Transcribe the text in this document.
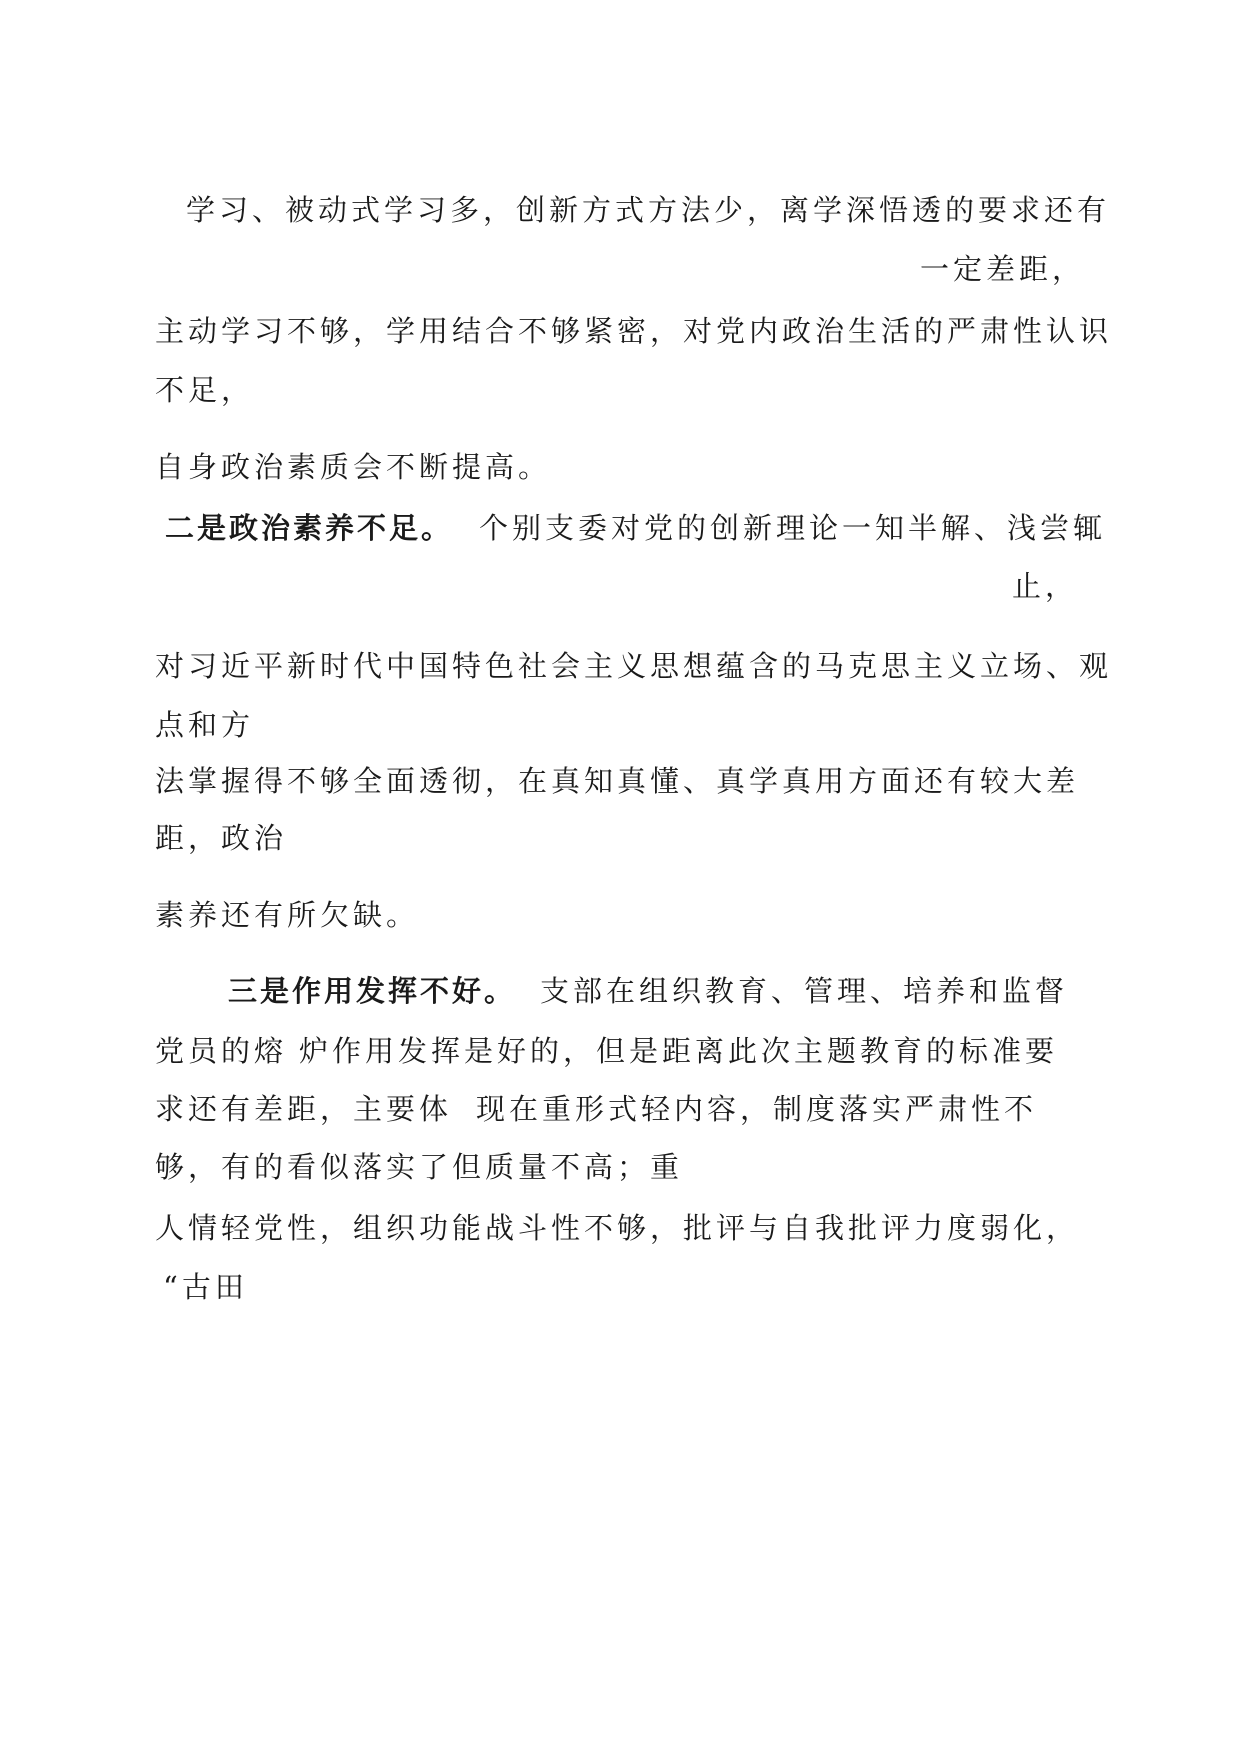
学习、被动式学习多，创新方式方法少，离学深悟透的要求还有
一定差距，
主动学习不够，学用结合不够紧密，对党内政治生活的严肃性认识
不足，
自身政治素质会不断提高。
二是政治素养不足。 个别支委对党的创新理论一知半解、浅尝辄
止，
对习近平新时代中国特色社会主义思想蕴含的马克思主义立场、观
点和方
法掌握得不够全面透彻，在真知真懂、真学真用方面还有较大差
距，政治
素养还有所欠缺。
三是作用发挥不好。 支部在组织教育、管理、培养和监督
党员的熔 炉作用发挥是好的，但是距离此次主题教育的标准要
求还有差距，主要体 现在重形式轻内容，制度落实严肃性不
够，有的看似落实了但质量不高；重
人情轻党性，组织功能战斗性不够，批评与自我批评力度弱化，
“古田
